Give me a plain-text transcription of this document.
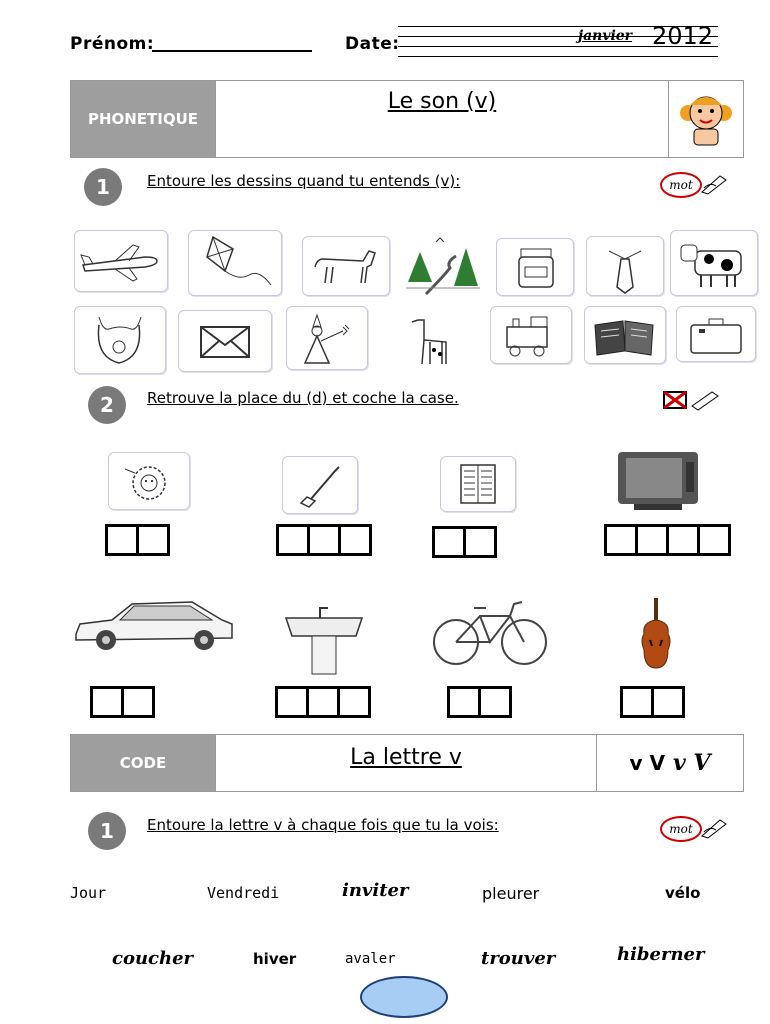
Prénom:	Date:	janvier 2012
PHONETIQUE
Le son (v)
1	Entoure les dessins quand tu entends (v):	mot
2	Retrouve la place du (d) et coche la case.
CODE	La lettre v	v V v V
1	Entoure la lettre v à chaque fois que tu la vois:	mot
Jour	Vendredi	inviter	pleurer	vélo
coucher	hiver	avaler	trouver	hiberner
